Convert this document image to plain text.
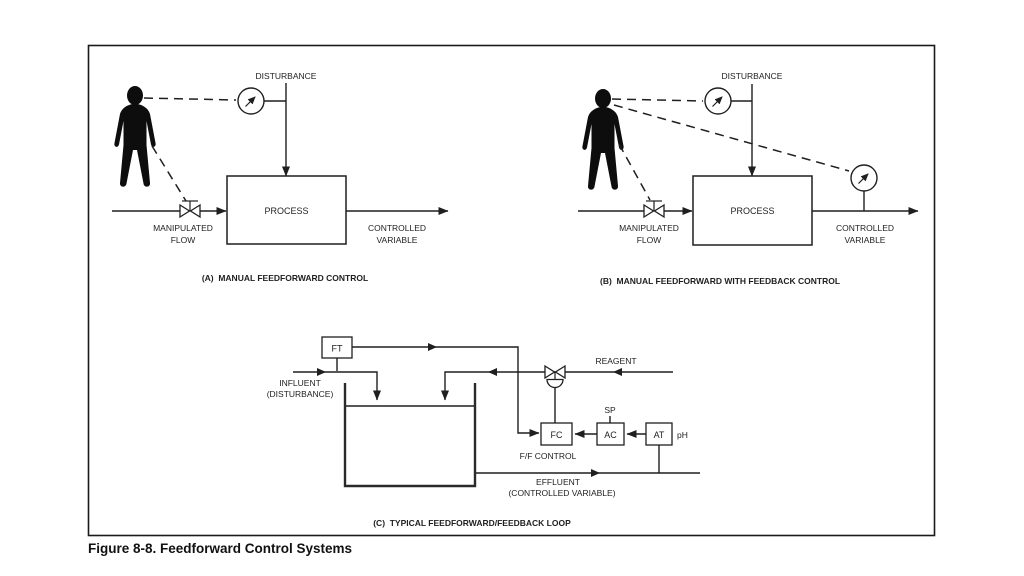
DISTURBANCE
PROCESS
MANIPULATED
FLOW
CONTROLLED
VARIABLE
(A)  MANUAL FEEDFORWARD CONTROL
DISTURBANCE
PROCESS
MANIPULATED
FLOW
CONTROLLED
VARIABLE
(B)  MANUAL FEEDFORWARD WITH FEEDBACK CONTROL
FT
INFLUENT
(DISTURBANCE)
REAGENT
FC	AC	AT
SP
pH
F/F CONTROL
EFFLUENT
(CONTROLLED VARIABLE)
(C)  TYPICAL FEEDFORWARD/FEEDBACK LOOP
Figure 8-8. Feedforward Control Systems
